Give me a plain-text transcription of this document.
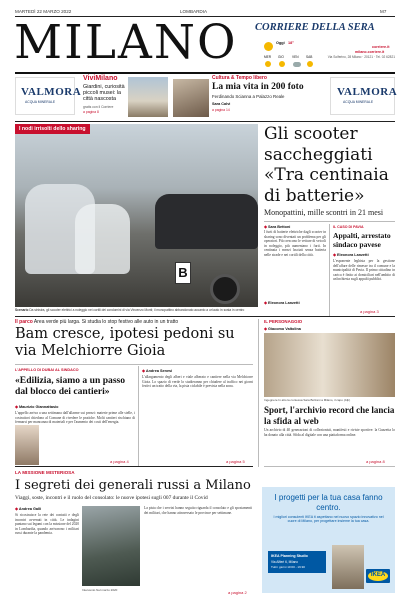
MARTEDÌ 22 MARZO 2022	LOMBARDIA	M7
MILANO CORRIERE DELLA SERA
corriere.it
milano.corriere.it
Via Solferino, 28 Milano · 20121 · Tel. 02 62821
Oggi 18°
MER GIO	VEN SAB
VALMORA
ACQUA MINERALE
ViviMilano
Giardini, curiosità piccoli musei: la città nascosta
gratis con il Corriere
a pagina 8
Cultura & Tempo libero
La mia vita in 200 foto
Ferdinando Scianna a Palazzo Reale
Sara Calvi
a pagina 14
VALMORA
ACQUA MINERALE
B
I nodi irrisolti dello sharing
Scenario Da sinistra, gli scooter elettrici a noleggio nei cortili dei condomini di via Vincenzo Monti; il monopattino abbandonato accanto a un'auto in sosta in centro
Gli scooter saccheggiati «Tra centinaia di batterie»
Monopattini, mille scontri in 21 mesi
◆ Sara Bettoni
I furti di batterie elettriche dagli scooter in sharing sono diventati un problema per gli operatori. Più crescono le vetture di veicoli in noleggio, più aumentano i furti. In centinaia i mezzi lasciati senza batteria nelle strade e nei cortili della città.
◆ Eleonora Lanzetti
IL CASO DI PAVIA
Appalti, arrestato sindaco pavese
◆ Eleonora Lanzetti
L'esponente leghista per la gestione dell'affare delle rimesse tra il comune e la municipalità di Pavia. Il primo cittadino in carica è finito ai domiciliari nell'ambito di un'inchiesta sugli appalti pubblici.
a pagina 3
Il parco Area verde più larga. Si studia lo stop festivo alle auto in un tratto
Bam cresce, ipotesi pedoni su via Melchiorre Gioia
L'APPELLO DI DUBAI AL SINDACO
«Edilizia, siamo a un passo dal blocco dei cantieri»
◆ Maurizio Giannattasio
L'appello arriva a una settimana dall'allarme sui prezzi: materie prime alle stelle, i costruttori chiedono al Comune di rivedere le pratiche. Molti cantieri rischiano di fermarsi per mancanza di materiali e per l'aumento dei costi dell'energia.
a pagina 4
◆ Andrea Senesi
L'allargamento degli alberi e viale alberato e cantiere nella via Melchiorre Gioia. Lo spazio di verde lo studieranno per chiudere al traffico nei giorni festivi un tratto della via, la pista ciclabile è prevista nella zona.
a pagina 5
IL PERSONAGGIO
◆ Giacomo Valtolina
Ingegnere In alto la contessa Sara Bolzani a Milano, il capo (Afp)
Sport, l'archivio record che lancia la sfida al web
Un archivio di 40 generazioni di collezionisti, manifesti e riviste sportive: la Gazzetta lo ha donato alla città. Sfida al digitale con una piattaforma online.
a pagina 8
LA MISSIONE MISTERIOSA
I segreti dei generali russi a Milano
Viaggi, soste, incontri e il ruolo del consolato: le nuove ipotesi sugli 007 durante il Covid
◆ Andrea Galli
Si ricostruisce la rete dei contatti e degli incontri avvenuti in città. Le indagini puntano sui legami con la missione del 2020 in Lombardia, quando arrivarono i militari russi durante la pandemia.
Intervento Nel marzo 2020
La pista che i servizi hanno seguito riguarda il consolato e gli spostamenti dei militari, che hanno attraversato le province per settimane.
a pagina 2
I progetti per la tua casa fanno centro.
I migliori consulenti IKEA ti aspettano nel nuovo spazio innovativo nel cuore di Milano, per progettare insieme la tua casa.
IKEA Planning Studio
Via Alfieri 6, Milano
Tutti i giorni 10:00 - 19:30
IKEA
